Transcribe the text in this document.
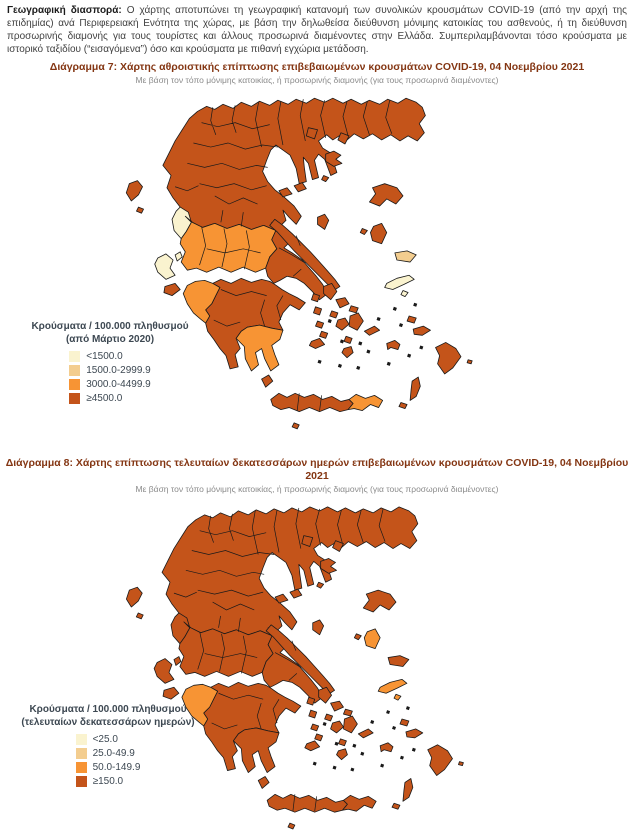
Γεωγραφική διασπορά: Ο χάρτης αποτυπώνει τη γεωγραφική κατανομή των συνολικών κρουσμάτων COVID-19 (από την αρχή της επιδημίας) ανά Περιφερειακή Ενότητα της χώρας, με βάση την δηλωθείσα διεύθυνση μόνιμης κατοικίας του ασθενούς, ή τη διεύθυνση προσωρινής διαμονής για τους τουρίστες και άλλους προσωρινά διαμένοντες στην Ελλάδα. Συμπεριλαμβάνονται τόσο κρούσματα με ιστορικό ταξιδίου (“εισαγόμενα”) όσο και κρούσματα με πιθανή εγχώρια μετάδοση.

Διάγραμμα 7: Χάρτης αθροιστικής επίπτωσης επιβεβαιωμένων κρουσμάτων COVID-19, 04 Νοεμβρίου 2021
Με βάση τον τόπο μόνιμης κατοικίας, ή προσωρινής διαμονής (για τους προσωρινά διαμένοντες)
Κρούσματα / 100.000 πληθυσμού
(από Μάρτιο 2020)
<1500.0
1500.0-2999.9
3000.0-4499.9
≥4500.0
Διάγραμμα 8: Χάρτης επίπτωσης τελευταίων δεκατεσσάρων ημερών επιβεβαιωμένων κρουσμάτων COVID-19, 04 Νοεμβρίου 2021
Με βάση τον τόπο μόνιμης κατοικίας, ή προσωρινής διαμονής (για τους προσωρινά διαμένοντες)
Κρούσματα / 100.000 πληθυσμού
(τελευταίων δεκατεσσάρων ημερών)
<25.0
25.0-49.9
50.0-149.9
≥150.0
